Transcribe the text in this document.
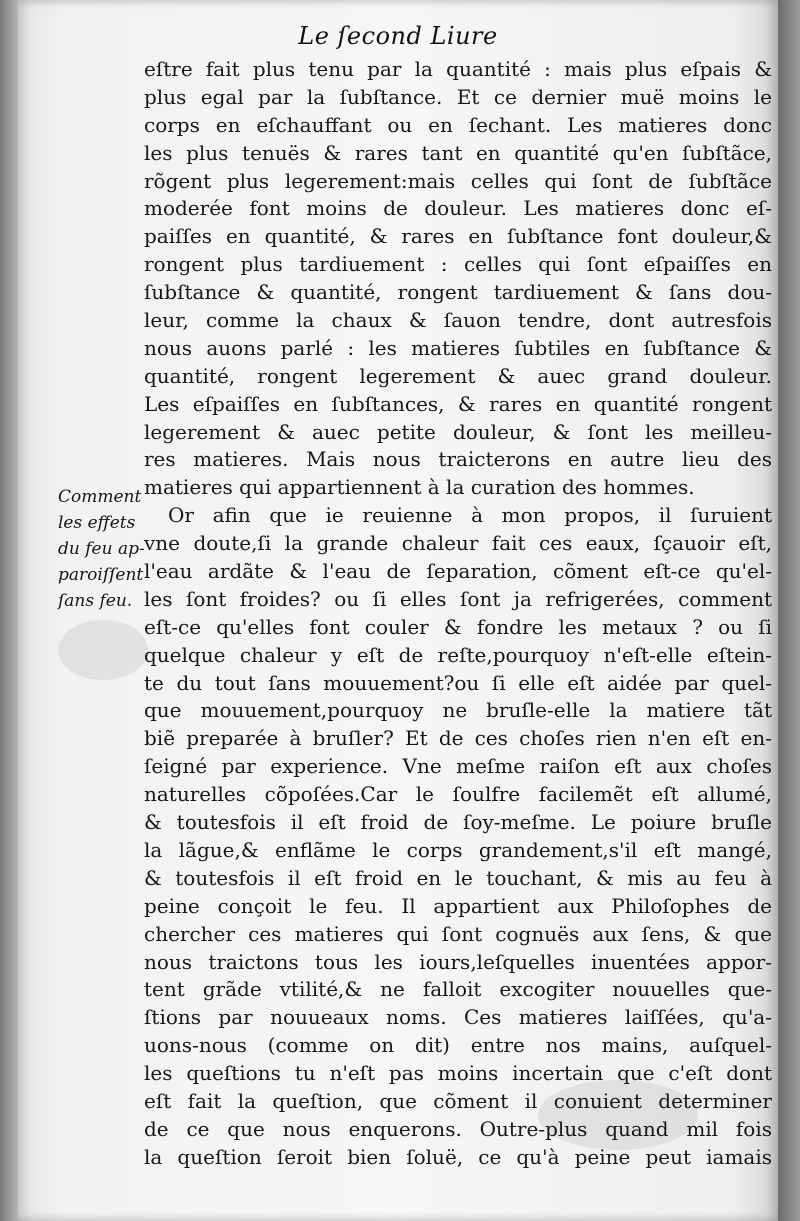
Le ſecond Liure
Comment
les effets
du feu ap-
paroiſſent
ſans feu.
eſtre fait plus tenu par la quantité : mais plus eſpais &
plus egal par la ſubſtance. Et ce dernier muë moins le
corps en eſchauffant ou en ſechant. Les matieres donc
les plus tenuës & rares tant en quantité qu'en ſubſtãce,
rõgent plus legerement:mais celles qui ſont de ſubſtãce
moderée font moins de douleur. Les matieres donc eſ-
paiſſes en quantité, & rares en ſubſtance font douleur,&
rongent plus tardiuement : celles qui ſont eſpaiſſes en
ſubſtance & quantité, rongent tardiuement & ſans dou-
leur, comme la chaux & ſauon tendre, dont autresfois
nous auons parlé : les matieres ſubtiles en ſubſtance &
quantité, rongent legerement & auec grand douleur.
Les eſpaiſſes en ſubſtances, & rares en quantité rongent
legerement & auec petite douleur, & ſont les meilleu-
res matieres. Mais nous traicterons en autre lieu des
matieres qui appartiennent à la curation des hommes.
Or afin que ie reuienne à mon propos, il ſuruient
vne doute,ſi la grande chaleur fait ces eaux, ſçauoir eſt,
l'eau ardãte & l'eau de ſeparation, cõment eſt-ce qu'el-
les ſont froides? ou ſi elles ſont ja refrigerées, comment
eſt-ce qu'elles font couler & fondre les metaux ? ou ſi
quelque chaleur y eſt de reſte,pourquoy n'eſt-elle eſtein-
te du tout ſans mouuement?ou ſi elle eſt aidée par quel-
que mouuement,pourquoy ne bruſle-elle la matiere tãt
biẽ preparée à bruſler? Et de ces choſes rien n'en eſt en-
ſeigné par experience. Vne meſme raiſon eſt aux choſes
naturelles cõpoſées.Car le ſoulfre facilemẽt eſt allumé,
& toutesfois il eſt froid de ſoy-meſme. Le poiure bruſle
la lãgue,& enflãme le corps grandement,s'il eſt mangé,
& toutesfois il eſt froid en le touchant, & mis au feu à
peine conçoit le feu. Il appartient aux Philoſophes de
chercher ces matieres qui ſont cognuës aux ſens, & que
nous traictons tous les iours,leſquelles inuentées appor-
tent grãde vtilité,& ne falloit excogiter nouuelles que-
ſtions par nouueaux noms. Ces matieres laiſſées, qu'a-
uons-nous (comme on dit) entre nos mains, auſquel-
les queſtions tu n'eſt pas moins incertain que c'eſt dont
eſt fait la queſtion, que cõment il conuient determiner
de ce que nous enquerons. Outre-plus quand mil fois
la queſtion ſeroit bien ſoluë, ce qu'à peine peut iamais
